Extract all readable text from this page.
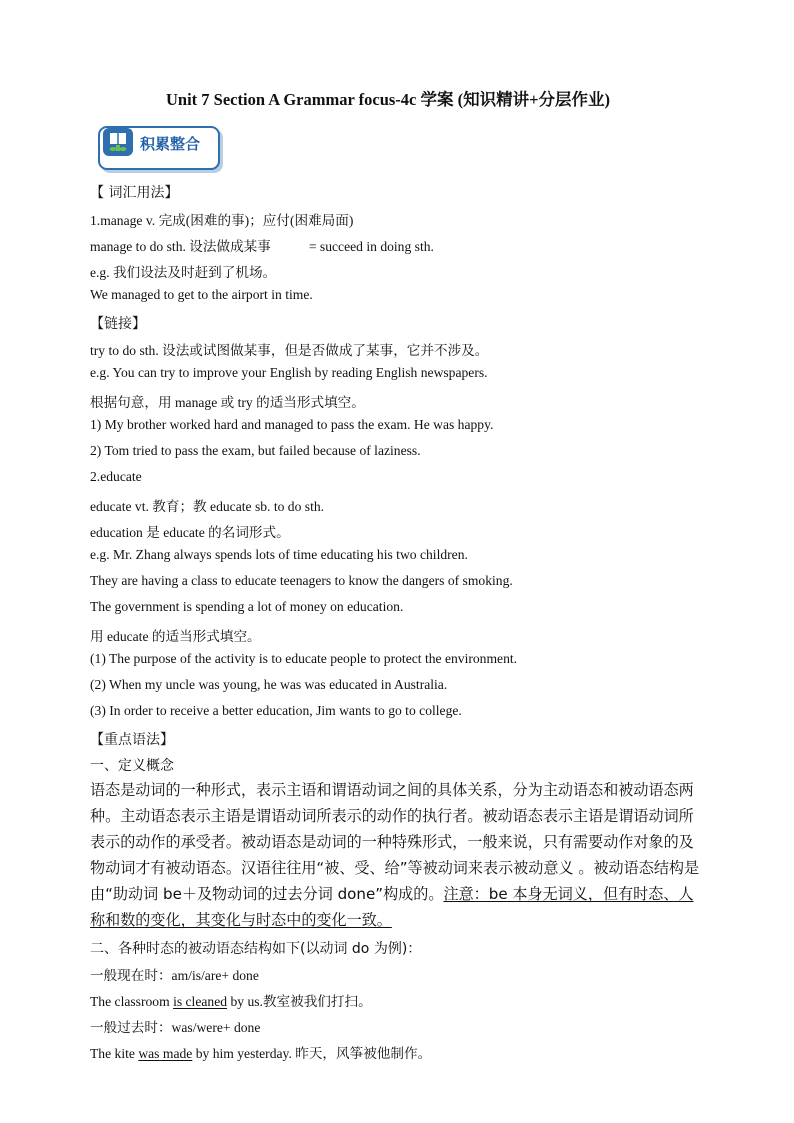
Unit 7 Section A Grammar focus-4c 学案 (知识精讲+分层作业)
积累整合
【 词汇用法】
1.manage v. 完成(困难的事)；应付(困难局面)
manage to do sth. 设法做成某事	= succeed in doing sth.
e.g. 我们设法及时赶到了机场。
We managed to get to the airport in time.
【链接】
try to do sth. 设法或试图做某事，但是否做成了某事，它并不涉及。
e.g. You can try to improve your English by reading English newspapers.
根据句意，用 manage 或 try 的适当形式填空。
1) My brother worked hard and managed to pass the exam. He was happy.
2) Tom tried to pass the exam, but failed because of laziness.
2.educate
educate vt. 教育；教 educate sb. to do sth.
education 是 educate 的名词形式。
e.g. Mr. Zhang always spends lots of time educating his two children.
They are having a class to educate teenagers to know the dangers of smoking.
The government is spending a lot of money on education.
用 educate 的适当形式填空。
(1) The purpose of the activity is to educate people to protect the environment.
(2) When my uncle was young, he was was educated in Australia.
(3) In order to receive a better education, Jim wants to go to college.
【重点语法】
一、定义概念
语态是动词的一种形式，表示主语和谓语动词之间的具体关系，分为主动语态和被动语态两种。主动语态表示主语是谓语动词所表示的动作的执行者。被动语态表示主语是谓语动词所表示的动作的承受者。被动语态是动词的一种特殊形式，一般来说，只有需要动作对象的及物动词才有被动语态。汉语往往用“被、受、给”等被动词来表示被动意义 。被动语态结构是由“助动词 be＋及物动词的过去分词 done”构成的。注意：be 本身无词义，但有时态、人称和数的变化，其变化与时态中的变化一致。
二、各种时态的被动语态结构如下(以动词 do 为例)：
一般现在时：am/is/are+ done
The classroom is cleaned by us.教室被我们打扫。
一般过去时：was/were+ done
The kite was made by him yesterday. 昨天，风筝被他制作。
